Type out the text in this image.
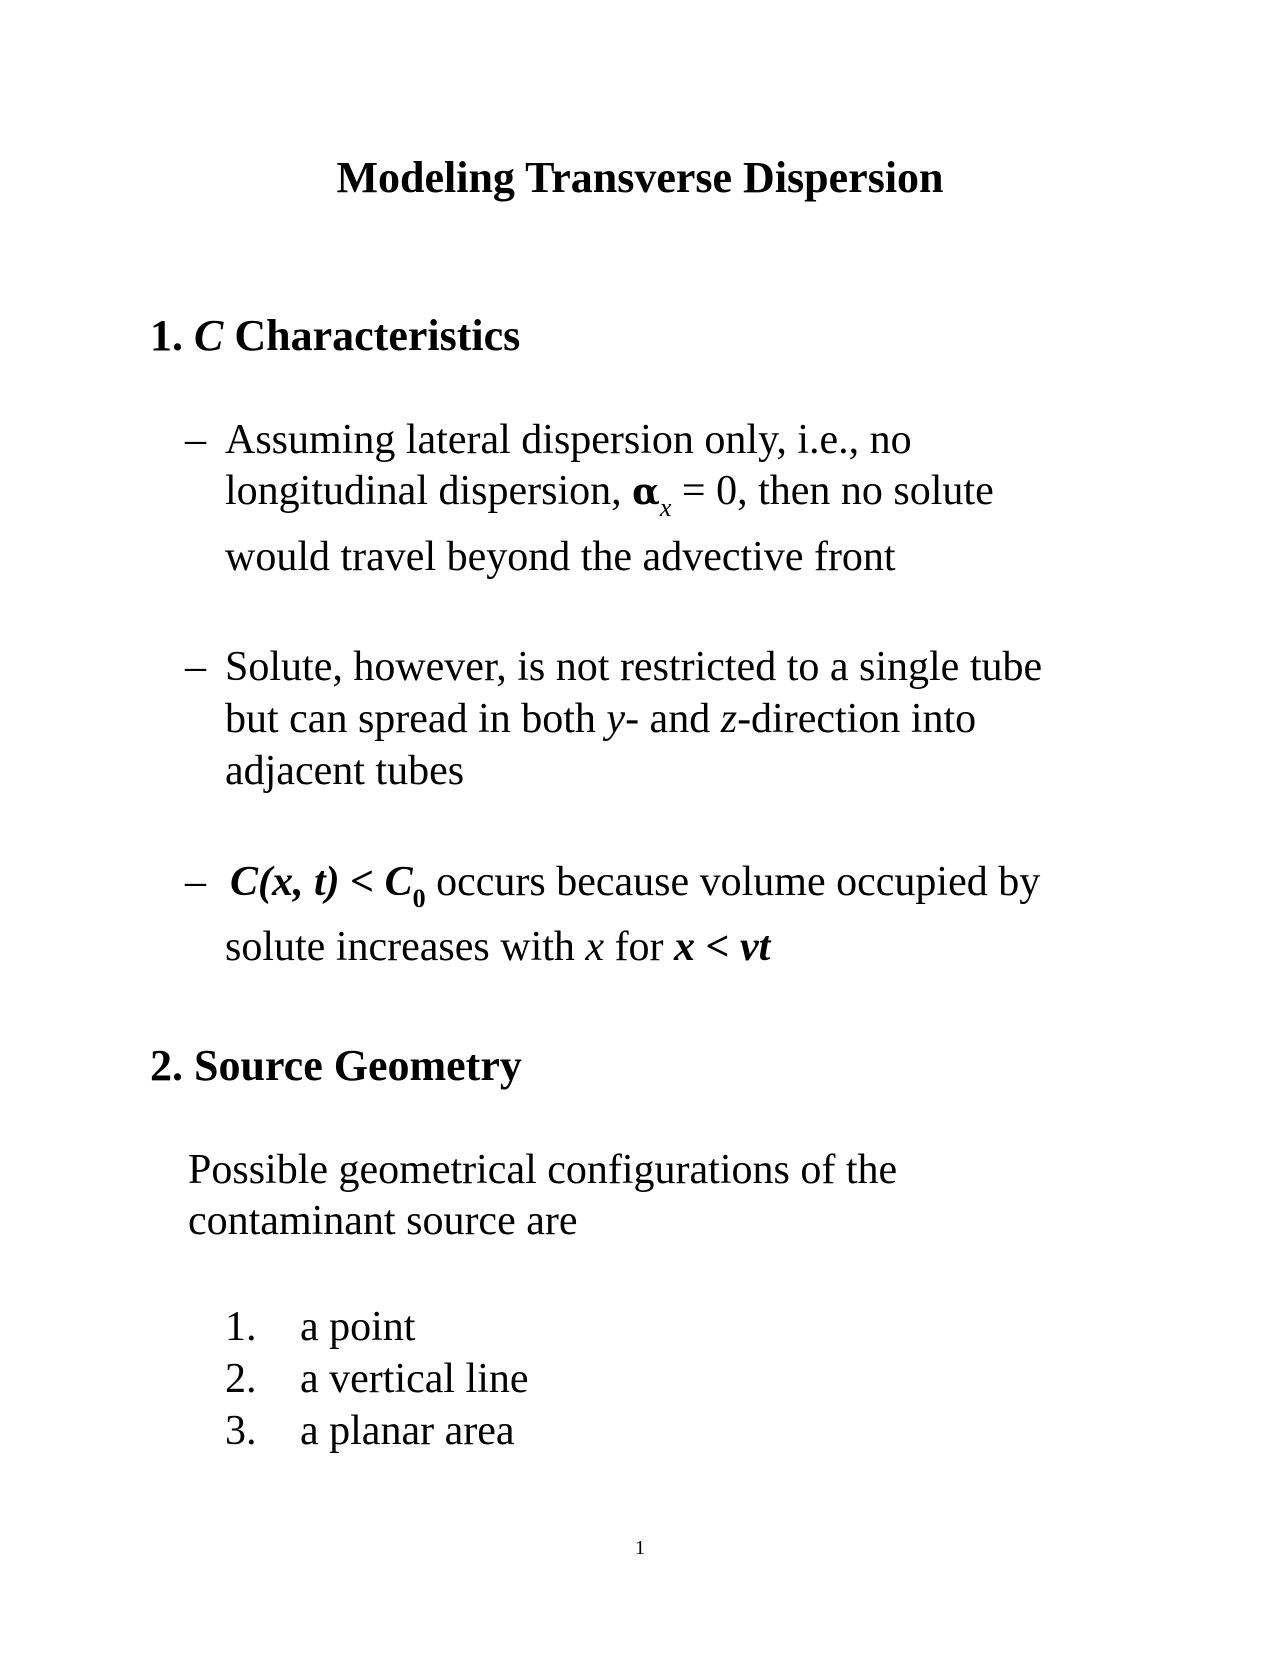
Modeling Transverse Dispersion
1. C Characteristics
– Assuming lateral dispersion only, i.e., no
longitudinal dispersion, $\alpha_x = 0$, then no solute
would travel beyond the advective front
– Solute, however, is not restricted to a single tube
but can spread in both y- and z-direction into
adjacent tubes
– C(x, $t) < C_0$ occurs because volume occupied by
solute increases with x for x < vt
2. Source Geometry
Possible geometrical configurations of the
contaminant source are
1. a point
2. a vertical line
3. a planar area
1
